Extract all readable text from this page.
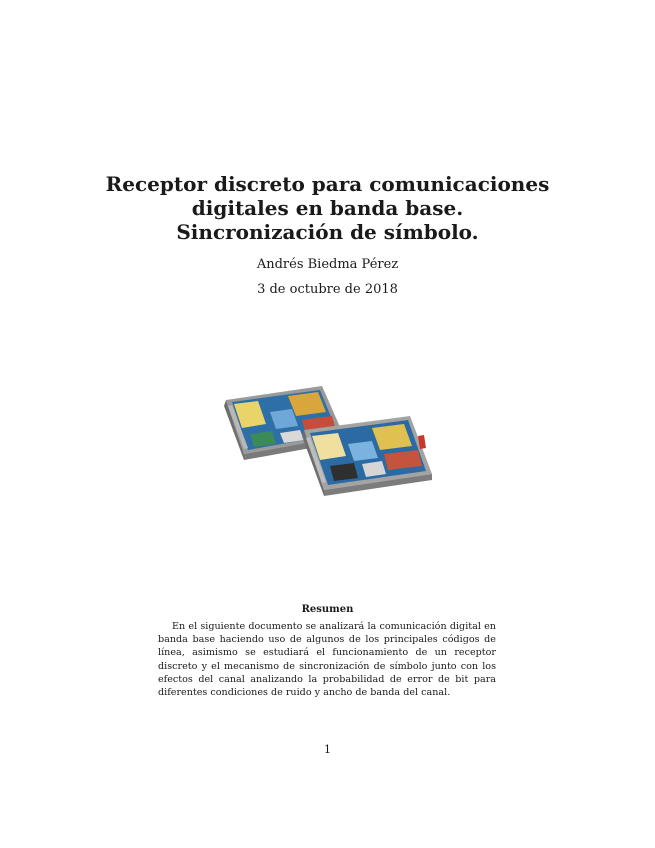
Receptor discreto para comunicaciones
digitales en banda base.
Sincronización de símbolo.
Andrés Biedma Pérez
3 de octubre de 2018
Resumen

En el siguiente documento se analizará la comunicación digital en banda base haciendo uso de algunos de los principales códigos de línea, asimismo se estudiará el funcionamiento de un receptor discreto y el mecanismo de sincronización de símbolo junto con los efectos del canal analizando la probabilidad de error de bit para diferentes condiciones de ruido y ancho de banda del canal.

1
